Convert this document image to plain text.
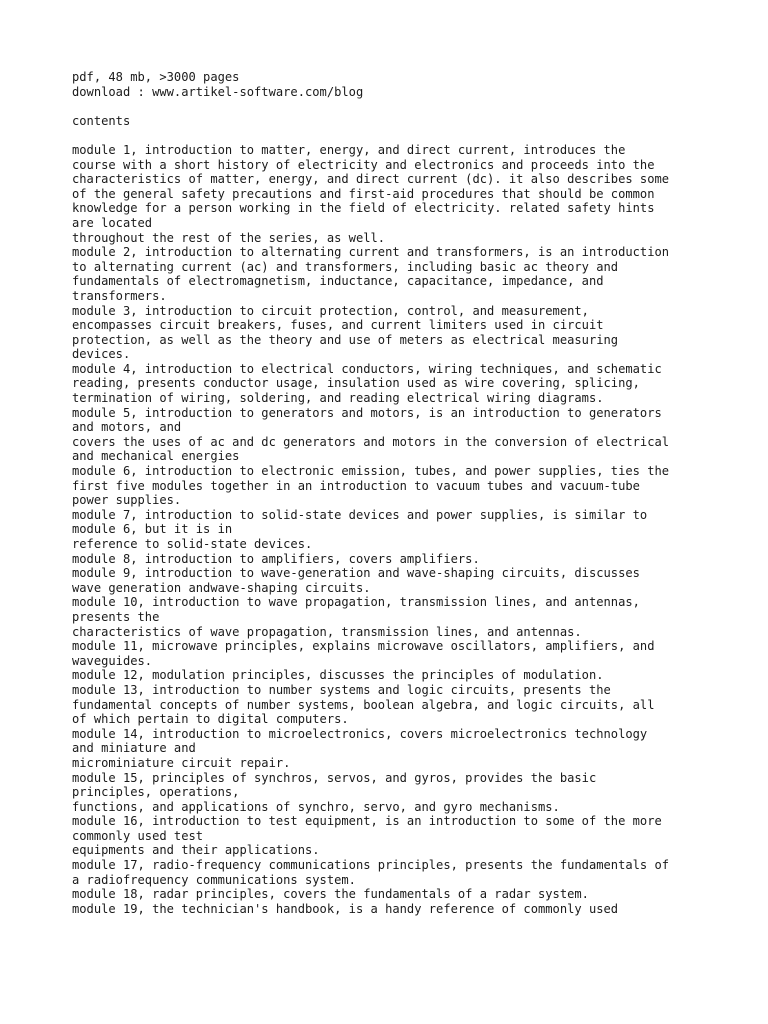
pdf, 48 mb, >3000 pages
download : www.artikel-software.com/blog
contents
module 1, introduction to matter, energy, and direct current, introduces the
course with a short history of electricity and electronics and proceeds into the
characteristics of matter, energy, and direct current (dc). it also describes some
of the general safety precautions and first-aid procedures that should be common
knowledge for a person working in the field of electricity. related safety hints
are located
throughout the rest of the series, as well.
module 2, introduction to alternating current and transformers, is an introduction
to alternating current (ac) and transformers, including basic ac theory and
fundamentals of electromagnetism, inductance, capacitance, impedance, and
transformers.
module 3, introduction to circuit protection, control, and measurement,
encompasses circuit breakers, fuses, and current limiters used in circuit
protection, as well as the theory and use of meters as electrical measuring
devices.
module 4, introduction to electrical conductors, wiring techniques, and schematic
reading, presents conductor usage, insulation used as wire covering, splicing,
termination of wiring, soldering, and reading electrical wiring diagrams.
module 5, introduction to generators and motors, is an introduction to generators
and motors, and
covers the uses of ac and dc generators and motors in the conversion of electrical
and mechanical energies
module 6, introduction to electronic emission, tubes, and power supplies, ties the
first five modules together in an introduction to vacuum tubes and vacuum-tube
power supplies.
module 7, introduction to solid-state devices and power supplies, is similar to
module 6, but it is in
reference to solid-state devices.
module 8, introduction to amplifiers, covers amplifiers.
module 9, introduction to wave-generation and wave-shaping circuits, discusses
wave generation andwave-shaping circuits.
module 10, introduction to wave propagation, transmission lines, and antennas,
presents the
characteristics of wave propagation, transmission lines, and antennas.
module 11, microwave principles, explains microwave oscillators, amplifiers, and
waveguides.
module 12, modulation principles, discusses the principles of modulation.
module 13, introduction to number systems and logic circuits, presents the
fundamental concepts of number systems, boolean algebra, and logic circuits, all
of which pertain to digital computers.
module 14, introduction to microelectronics, covers microelectronics technology
and miniature and
microminiature circuit repair.
module 15, principles of synchros, servos, and gyros, provides the basic
principles, operations,
functions, and applications of synchro, servo, and gyro mechanisms.
module 16, introduction to test equipment, is an introduction to some of the more
commonly used test
equipments and their applications.
module 17, radio-frequency communications principles, presents the fundamentals of
a radiofrequency communications system.
module 18, radar principles, covers the fundamentals of a radar system.
module 19, the technician's handbook, is a handy reference of commonly used
